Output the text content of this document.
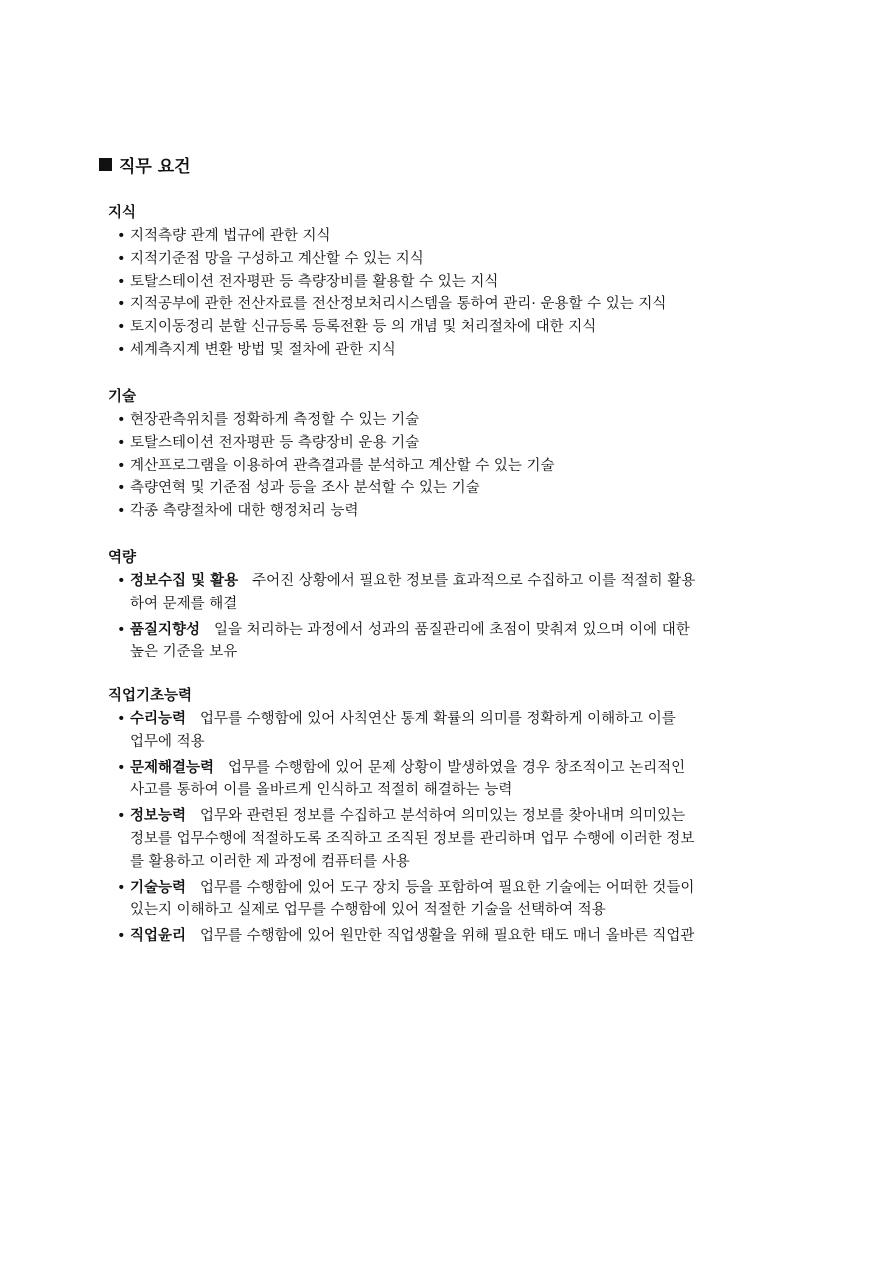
직무 요건
지식
• 지적측량 관계 법규에 관한 지식
• 지적기준점 망을 구성하고 계산할 수 있는 지식
• 토탈스테이션 전자평판 등 측량장비를 활용할 수 있는 지식
• 지적공부에 관한 전산자료를 전산정보처리시스템을 통하여 관리· 운용할 수 있는 지식
• 토지이동정리 분할 신규등록 등록전환 등 의 개념 및 처리절차에 대한 지식
• 세계측지계 변환 방법 및 절차에 관한 지식
기술
• 현장관측위치를 정확하게 측정할 수 있는 기술
• 토탈스테이션 전자평판 등 측량장비 운용 기술
• 계산프로그램을 이용하여 관측결과를 분석하고 계산할 수 있는 기술
• 측량연혁 및 기준점 성과 등을 조사 분석할 수 있는 기술
• 각종 측량절차에 대한 행정처리 능력
역량
• 정보수집 및 활용 주어진 상황에서 필요한 정보를 효과적으로 수집하고 이를 적절히 활용
하여 문제를 해결
• 품질지향성 일을 처리하는 과정에서 성과의 품질관리에 초점이 맞춰져 있으며 이에 대한
높은 기준을 보유
직업기초능력
• 수리능력 업무를 수행함에 있어 사칙연산 통계 확률의 의미를 정확하게 이해하고 이를
업무에 적용
• 문제해결능력 업무를 수행함에 있어 문제 상황이 발생하였을 경우 창조적이고 논리적인
사고를 통하여 이를 올바르게 인식하고 적절히 해결하는 능력
• 정보능력 업무와 관련된 정보를 수집하고 분석하여 의미있는 정보를 찾아내며 의미있는
정보를 업무수행에 적절하도록 조직하고 조직된 정보를 관리하며 업무 수행에 이러한 정보
를 활용하고 이러한 제 과정에 컴퓨터를 사용
• 기술능력 업무를 수행함에 있어 도구 장치 등을 포함하여 필요한 기술에는 어떠한 것들이
있는지 이해하고 실제로 업무를 수행함에 있어 적절한 기술을 선택하여 적용
• 직업윤리 업무를 수행함에 있어 원만한 직업생활을 위해 필요한 태도 매너 올바른 직업관
